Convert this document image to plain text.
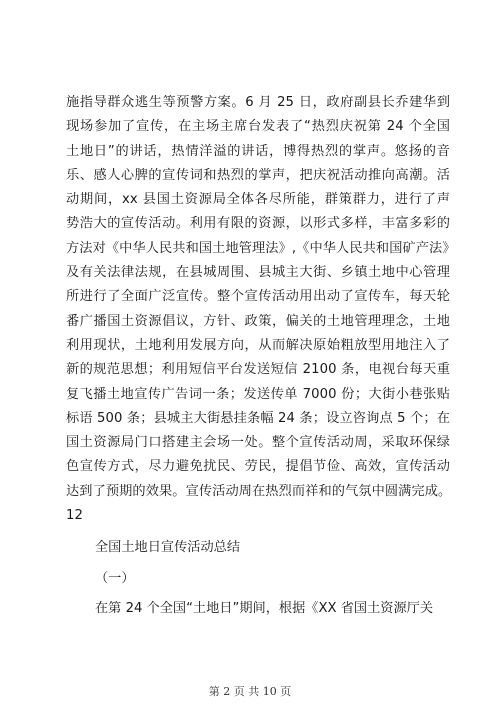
施指导群众逃生等预警方案。6 月 25 日，政府副县长乔建华到
现场参加了宣传，在主场主席台发表了“热烈庆祝第 24 个全国
土地日”的讲话，热情洋溢的讲话，博得热烈的掌声。悠扬的音
乐、感人心脾的宣传词和热烈的掌声，把庆祝活动推向高潮。活
动期间，xx 县国土资源局全体各尽所能，群策群力，进行了声
势浩大的宣传活动。利用有限的资源，以形式多样，丰富多彩的
方法对《中华人民共和国土地管理法》,《中华人民共和国矿产法》
及有关法律法规，在县城周围、县城主大街、乡镇土地中心管理
所进行了全面广泛宣传。整个宣传活动用出动了宣传车，每天轮
番广播国土资源倡议，方针、政策，偏关的土地管理理念，土地
利用现状，土地利用发展方向，从而解决原始粗放型用地注入了
新的规范思想；利用短信平台发送短信 2100 条，电视台每天重
复飞播土地宣传广告词一条；发送传单 7000 份；大街小巷张贴
标语 500 条；县城主大街悬挂条幅 24 条；设立咨询点 5 个；在
国土资源局门口搭建主会场一处。整个宣传活动周，采取环保绿
色宣传方式，尽力避免扰民、劳民，提倡节俭、高效，宣传活动
达到了预期的效果。宣传活动周在热烈而祥和的气氛中圆满完成。
12
全国土地日宣传活动总结
（一）
在第 24 个全国“土地日”期间，根据《XX 省国土资源厅关
第 2 页 共 10 页
